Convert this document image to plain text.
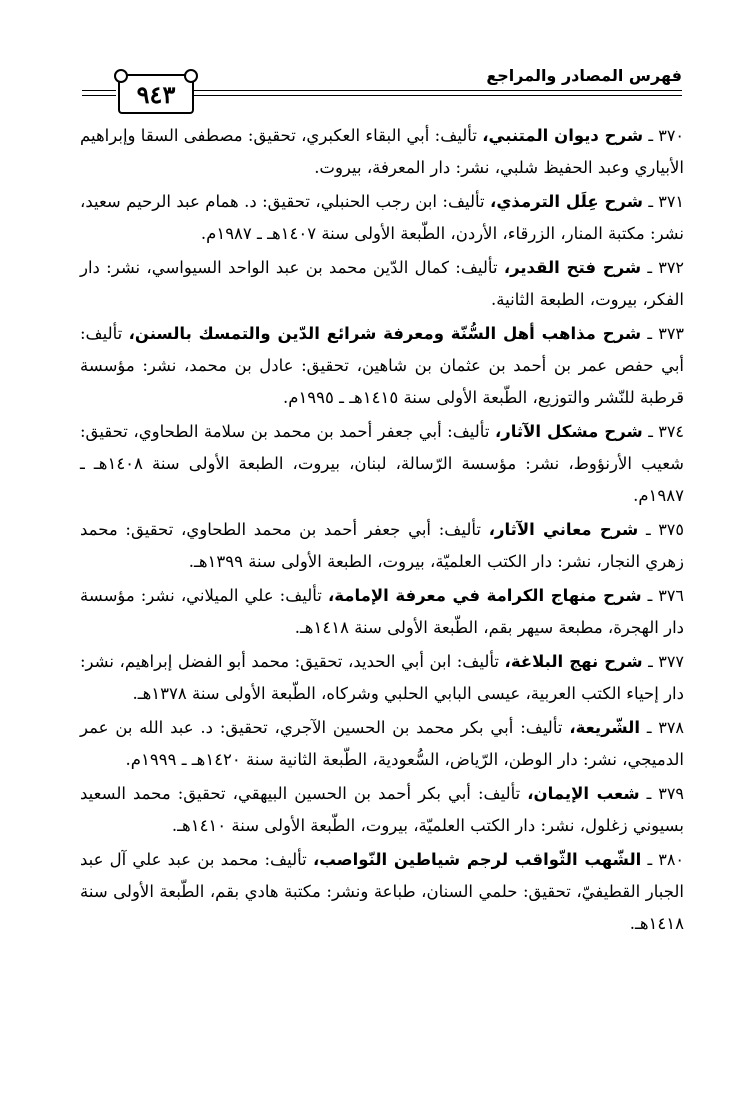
٩٤٣
فهرس المصادر والمراجع

٣٧٠ ـ شرح ديوان المتنبي، تأليف: أبي البقاء العكبري، تحقيق: مصطفى السقا وإبراهيم الأبياري وعبد الحفيظ شلبي، نشر: دار المعرفة، بيروت.

٣٧١ ـ شرح عِلَل الترمذي، تأليف: ابن رجب الحنبلي، تحقيق: د. همام عبد الرحيم سعيد، نشر: مكتبة المنار، الزرقاء، الأردن، الطّبعة الأولى سنة ١٤٠٧هـ ـ ١٩٨٧م.

٣٧٢ ـ شرح فتح القدير، تأليف: كمال الدّين محمد بن عبد الواحد السيواسي، نشر: دار الفكر، بيروت، الطبعة الثانية.

٣٧٣ ـ شرح مذاهب أهل السُّنّة ومعرفة شرائع الدّين والتمسك بالسنن، تأليف: أبي حفص عمر بن أحمد بن عثمان بن شاهين، تحقيق: عادل بن محمد، نشر: مؤسسة قرطبة للنّشر والتوزيع، الطّبعة الأولى سنة ١٤١٥هـ ـ ١٩٩٥م.

٣٧٤ ـ شرح مشكل الآثار، تأليف: أبي جعفر أحمد بن محمد بن سلامة الطحاوي، تحقيق: شعيب الأرنؤوط، نشر: مؤسسة الرّسالة، لبنان، بيروت، الطبعة الأولى سنة ١٤٠٨هـ ـ ١٩٨٧م.

٣٧٥ ـ شرح معاني الآثار، تأليف: أبي جعفر أحمد بن محمد الطحاوي، تحقيق: محمد زهري النجار، نشر: دار الكتب العلميّة، بيروت، الطبعة الأولى سنة ١٣٩٩هـ.

٣٧٦ ـ شرح منهاج الكرامة في معرفة الإمامة، تأليف: علي الميلاني، نشر: مؤسسة دار الهجرة، مطبعة سيهر بقم، الطّبعة الأولى سنة ١٤١٨هـ.

٣٧٧ ـ شرح نهج البلاغة، تأليف: ابن أبي الحديد، تحقيق: محمد أبو الفضل إبراهيم، نشر: دار إحياء الكتب العربية، عيسى البابي الحلبي وشركاه، الطّبعة الأولى سنة ١٣٧٨هـ.

٣٧٨ ـ الشّريعة، تأليف: أبي بكر محمد بن الحسين الآجري، تحقيق: د. عبد الله بن عمر الدميجي، نشر: دار الوطن، الرّياض، السُّعودية، الطّبعة الثانية سنة ١٤٢٠هـ ـ ١٩٩٩م.

٣٧٩ ـ شعب الإيمان، تأليف: أبي بكر أحمد بن الحسين البيهقي، تحقيق: محمد السعيد بسيوني زغلول، نشر: دار الكتب العلميّة، بيروت، الطّبعة الأولى سنة ١٤١٠هـ.

٣٨٠ ـ الشّهب الثّواقب لرجم شياطين النّواصب، تأليف: محمد بن عبد علي آل عبد الجبار القطيفيّ، تحقيق: حلمي السنان، طباعة ونشر: مكتبة هادي بقم، الطّبعة الأولى سنة ١٤١٨هـ.
